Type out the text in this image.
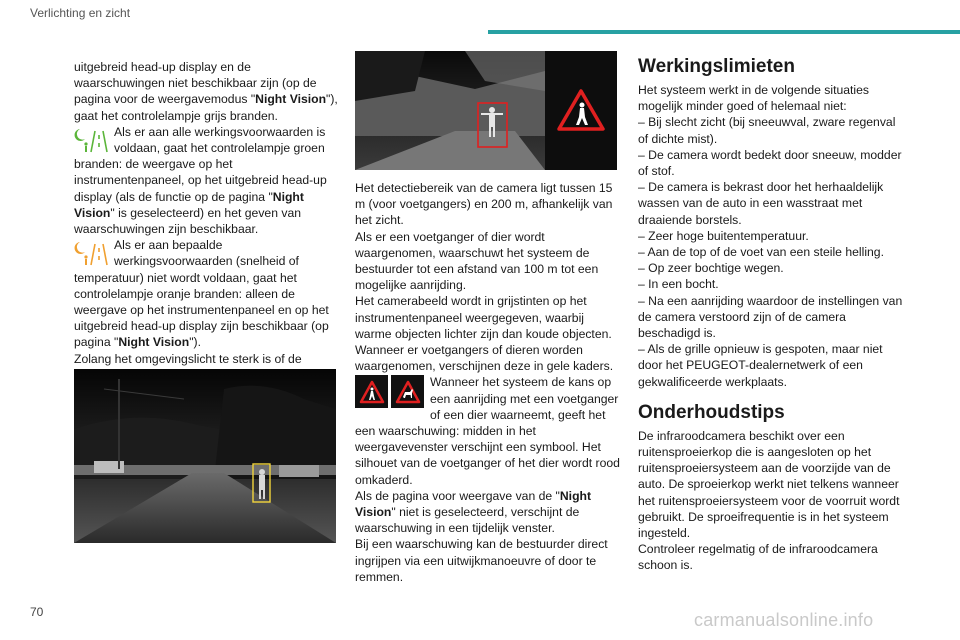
Verlichting en zicht

uitgebreid head-up display en de waarschuwingen niet beschikbaar zijn (op de pagina voor de weergavemodus "Night Vision"), gaat het controlelampje grijs branden.

Als er aan alle werkingsvoorwaarden is voldaan, gaat het controlelampje groen branden: de weergave op het instrumentenpaneel, op het uitgebreid head-up display (als de functie op de pagina "Night Vision" is geselecteerd) en het geven van waarschuwingen zijn beschikbaar.

Als er aan bepaalde werkingsvoorwaarden (snelheid of temperatuur) niet wordt voldaan, gaat het controlelampje oranje branden: alleen de weergave op het instrumentenpaneel en op het uitgebreid head-up display zijn beschikbaar (op pagina "Night Vision").

Zolang het omgevingslicht te sterk is of de

Het detectiebereik van de camera ligt tussen 15 m (voor voetgangers) en 200 m, afhankelijk van het zicht.

Als er een voetganger of dier wordt waargenomen, waarschuwt het systeem de bestuurder tot een afstand van 100 m tot een mogelijke aanrijding.

Het camerabeeld wordt in grijstinten op het instrumentenpaneel weergegeven, waarbij warme objecten lichter zijn dan koude objecten.

Wanneer er voetgangers of dieren worden waargenomen, verschijnen deze in gele kaders.

Wanneer het systeem de kans op een aanrijding met een voetganger of een dier waarneemt, geeft het een waarschuwing: midden in het weergavevenster verschijnt een symbool. Het silhouet van de voetganger of het dier wordt rood omkaderd.

Als de pagina voor weergave van de "Night Vision" niet is geselecteerd, verschijnt de waarschuwing in een tijdelijk venster.

Bij een waarschuwing kan de bestuurder direct ingrijpen via een uitwijkmanoeuvre of door te remmen.

Werkingslimieten

Het systeem werkt in de volgende situaties mogelijk minder goed of helemaal niet:

– Bij slecht zicht (bij sneeuwval, zware regenval of dichte mist).

– De camera wordt bedekt door sneeuw, modder of stof.

– De camera is bekrast door het herhaaldelijk wassen van de auto in een wasstraat met draaiende borstels.

– Zeer hoge buitentemperatuur.

– Aan de top of de voet van een steile helling.

– Op zeer bochtige wegen.

– In een bocht.

– Na een aanrijding waardoor de instellingen van de camera verstoord zijn of de camera beschadigd is.

– Als de grille opnieuw is gespoten, maar niet door het PEUGEOT-dealernetwerk of een gekwalificeerde werkplaats.

Onderhoudstips

De infraroodcamera beschikt over een ruitensproeierkop die is aangesloten op het ruitensproeiersysteem aan de voorzijde van de auto. De sproeierkop werkt niet telkens wanneer het ruitensproeiersysteem voor de voorruit wordt gebruikt. De sproeifrequentie is in het systeem ingesteld.

Controleer regelmatig of de infraroodcamera schoon is.

70	carmanualsonline.info
